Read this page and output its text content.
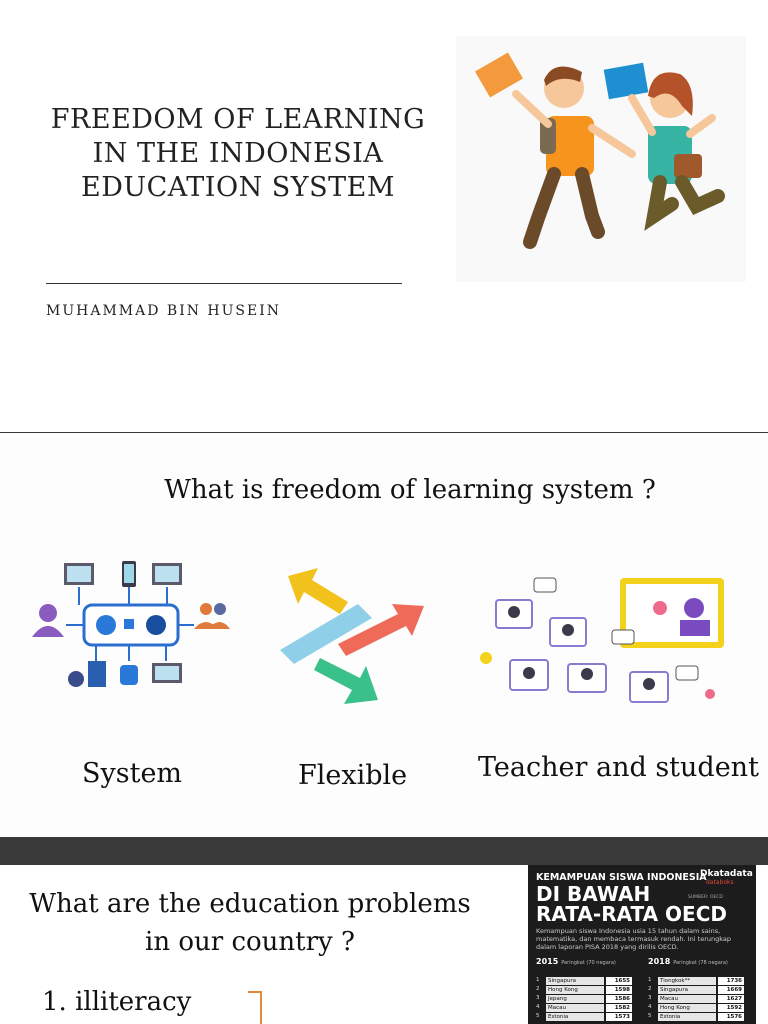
FREEDOM OF LEARNING
IN THE INDONESIA
EDUCATION SYSTEM
MUHAMMAD BIN HUSEIN
What is freedom of learning system ?
System	Flexible	Teacher and student
What are the education problems
in our country ?
1. illiteracy
KEMAMPUAN SISWA INDONESIA
Dkatadata
databoks
DI BAWAH
RATA-RATA OECD
SUMBER: OECD
Kemampuan siswa Indonesia usia 15 tahun dalam sains, matematika, dan membaca termasuk rendah. Ini terungkap dalam laporan PISA 2018 yang dirilis OECD.
2015 Peringkat (70 negara)	2018 Peringkat (78 negara)
1	Singapura	1655
2	Hong Kong	1598
3	Jepang	1586
4	Macau	1582
5	Estonia	1573
1	Tiongkok**	1736
2	Singapura	1669
3	Macau	1627
4	Hong Kong	1592
5	Estonia	1576
